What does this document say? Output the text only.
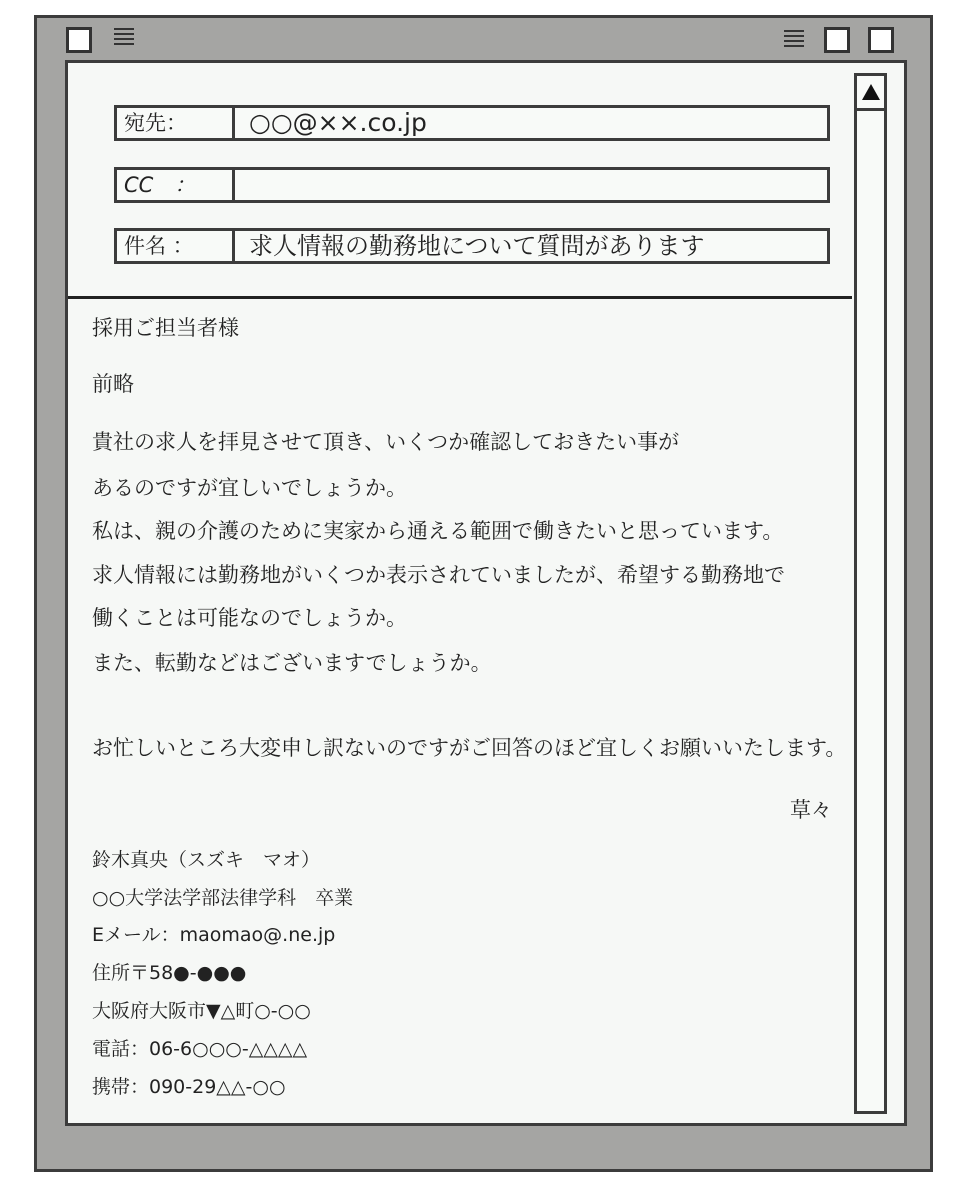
宛先：	○○@××.co.jp
CC　：
件名 ：	求人情報の勤務地について質問があります
採用ご担当者様
前略
貴社の求人を拝見させて頂き、いくつか確認しておきたい事が
あるのですが宜しいでしょうか。
私は、親の介護のために実家から通える範囲で働きたいと思っています。
求人情報には勤務地がいくつか表示されていましたが、希望する勤務地で
働くことは可能なのでしょうか。
また、転勤などはございますでしょうか。
お忙しいところ大変申し訳ないのですがご回答のほど宜しくお願いいたします。
草々
鈴木真央（スズキ　マオ）
○○大学法学部法律学科　卒業
Eメール：maomao@.ne.jp
住所〒58●-●●●
大阪府大阪市▼△町○-○○
電話：06-6○○○-△△△△
携帯：090-29△△-○○
